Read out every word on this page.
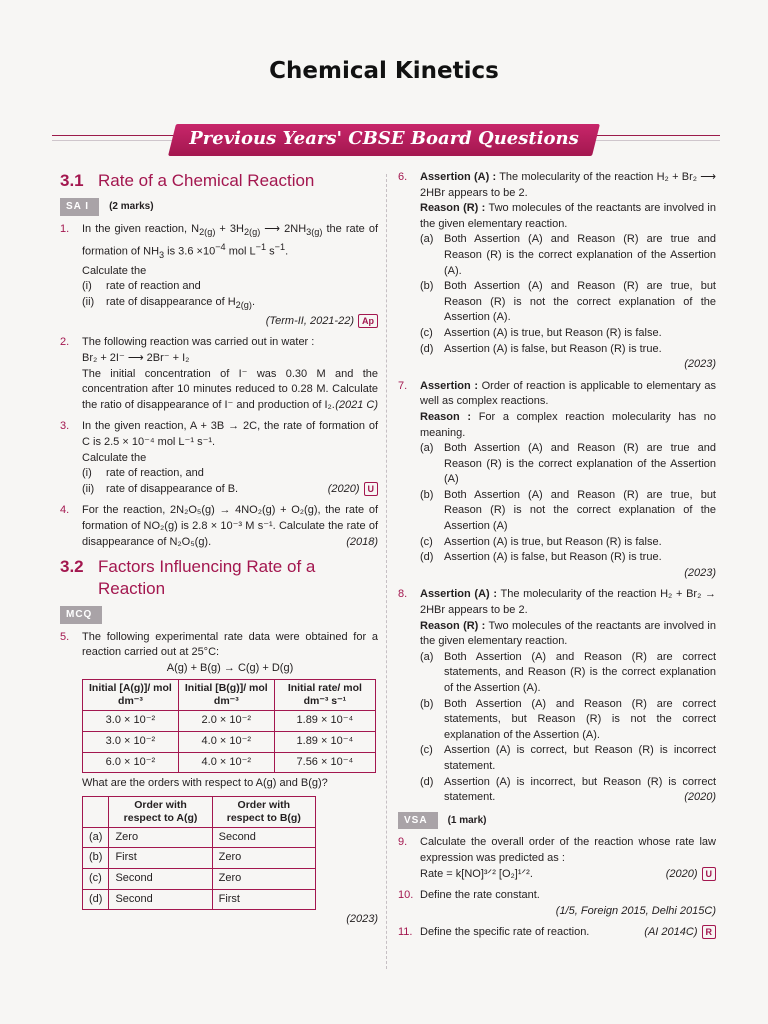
Chemical Kinetics
Previous Years' CBSE Board Questions
3.1 Rate of a Chemical Reaction
SA I	(2 marks)
1.	In the given reaction, $N_{2(g)} + 3H_{2(g)}$ ⟶ $2NH_{3(g)}$ the rate of formation of $NH_3$ is $3.6 \times 10^{-4}$ mol $L^{-1}$ $s^{-1}$.
Calculate the
(i)	rate of reaction and
(ii)	rate of disappearance of $H_{2(g)}$.
(Term-II, 2021-22) Ap
2.	The following reaction was carried out in water :
Br₂ + 2I⁻ ⟶ 2Br⁻ + I₂
The initial concentration of I⁻ was 0.30 M and the concentration after 10 minutes reduced to 0.28 M. Calculate the ratio of disappearance of I⁻ and production of I₂. (2021 C)
3.	In the given reaction, A + 3B → 2C, the rate of formation of C is 2.5 × 10⁻⁴ mol L⁻¹ s⁻¹.
Calculate the
(i)	rate of reaction, and
(ii)	rate of disappearance of B.	(2020) U
4.	For the reaction, 2N₂O₅(g) → 4NO₂(g) + O₂(g), the rate of formation of NO₂(g) is 2.8 × 10⁻³ M s⁻¹. Calculate the rate of disappearance of N₂O₅(g).	(2018)
3.2 Factors Influencing Rate of a Reaction
MCQ
5.	The following experimental rate data were obtained for a reaction carried out at 25°C:
A(g) + B(g) → C(g) + D(g)
Initial [A(g)]/ mol dm⁻³	Initial [B(g)]/ mol dm⁻³	Initial rate/ mol dm⁻³ s⁻¹
3.0 × 10⁻²	2.0 × 10⁻²	1.89 × 10⁻⁴
3.0 × 10⁻²	4.0 × 10⁻²	1.89 × 10⁻⁴
6.0 × 10⁻²	4.0 × 10⁻²	7.56 × 10⁻⁴
What are the orders with respect to A(g) and B(g)?
	Order with respect to A(g)	Order with respect to B(g)
(a)	Zero	Second
(b)	First	Zero
(c)	Second	Zero
(d)	Second	First
(2023)
6.	Assertion (A) : The molecularity of the reaction H₂ + Br₂ ⟶ 2HBr appears to be 2.
Reason (R) : Two molecules of the reactants are involved in the given elementary reaction.
(a) Both Assertion (A) and Reason (R) are true and Reason (R) is the correct explanation of the Assertion (A).
(b) Both Assertion (A) and Reason (R) are true, but Reason (R) is not the correct explanation of the Assertion (A).
(c)	Assertion (A) is true, but Reason (R) is false.
(d) Assertion (A) is false, but Reason (R) is true.
(2023)
7.	Assertion : Order of reaction is applicable to elementary as well as complex reactions.
Reason : For a complex reaction molecularity has no meaning.
(a) Both Assertion (A) and Reason (R) are true and Reason (R) is the correct explanation of the Assertion (A)
(b) Both Assertion (A) and Reason (R) are true, but Reason (R) is not the correct explanation of the Assertion (A)
(c)	Assertion (A) is true, but Reason (R) is false.
(d) Assertion (A) is false, but Reason (R) is true.
(2023)
8.	Assertion (A) : The molecularity of the reaction H₂ + Br₂ → 2HBr appears to be 2.
Reason (R) : Two molecules of the reactants are involved in the given elementary reaction.
(a) Both Assertion (A) and Reason (R) are correct statements, and Reason (R) is the correct explanation of the Assertion (A).
(b) Both Assertion (A) and Reason (R) are correct statements, but Reason (R) is not the correct explanation of the Assertion (A).
(c)	Assertion (A) is correct, but Reason (R) is incorrect statement.
(d) Assertion (A) is incorrect, but Reason (R) is correct statement.	(2020)
VSA	(1 mark)
9.	Calculate the overall order of the reaction whose rate law expression was predicted as :
Rate = k[NO]³ᐟ² [O₂]¹ᐟ².	(2020) U
10. Define the rate constant.
(1/5, Foreign 2015, Delhi 2015C)
11. Define the specific rate of reaction.	(AI 2014C) R
